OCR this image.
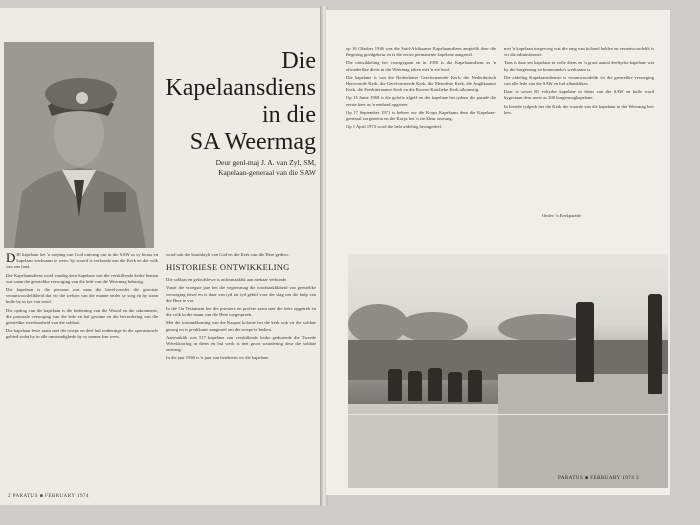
Die
Kapelaansdiens
in die
SA Weermag
Deur genl-maj J. A. van Zyl, SM,
Kapelaan-generaal van die SAW

DIE kapelaan het 'n roeping van God ontvang om in die SAW as sy leraar en kapelaan werksaam te wees. Sy woord is verbonde aan die Kerk en die volk van ons land.

Die Kapelaansdiens word vandag deur kapelane van die verskillende kerke beman wat saam die geestelike versorging van die lede van die Weermag behartig.

Die kapelaan is die persoon wat naas die bevelvoerder die grootste verantwoordelikheid dra vir die welsyn van die manne onder sy sorg en hy staan hulle by in tye van nood.

Die opdrag van die kapelaan is die bediening van die Woord en die sakramente, die pastorale versorging van die lede en hul gesinne en die bevordering van die geestelike weerbaarheid van die soldaat.

Die kapelaan lewe saam met die troepe en deel hul ontberinge in die operasionele gebied sodat hy in alle omstandighede by sy manne kan wees.

word ook die koninkryk van God en die Kerk van die Here gedien.

HISTORIESE ONTWIKKELING

Die soldaat en geloofslewe is onlosmaaklik aan mekaar verbonde.

Vanaf die vroegste jare het die vegtersmag die noodsaaklikheid van geestelike versorging besef en is daar van tyd tot tyd gebid voor die slag om die hulp van die Here te vra.

In die Ou Testament het die priesters en profete saam met die leërs opgetrek en die volk in die naam van die Here toegespreek.

Met die totstandkoming van die Kaapse kolonie het die kerk ook vir die soldate gesorg en is predikante aangestel om die troepe te bedien.

Aanvanklik was 517 kapelane van verskillende kerke gedurende die Tweede Wêreldoorlog in diens en hul werk is met groot waardering deur die soldate ontvang.

In die jaar 1946 is 'n jaar van betekenis vir die kapelane.

2 PARATUS ■ FEBRUARY 1974

op 16 Oktober 1946 was die Suid-Afrikaanse Kapelaansdiens amptelik deur die Regering goedgekeur en is die eerste permanente kapelane aangestel.

Die ontwikkeling het voortgegaan en in 1950 is die Kapelaansdiens as 'n afsonderlike diens in die Weermag erken met 'n eie hoof.

Die kapelane is van die Nederduitse Gereformeerde Kerk, die Nederduitsch Hervormde Kerk, die Gereformeerde Kerk, die Metodiste Kerk, die Anglikaanse Kerk, die Presbiteriaanse Kerk en die Rooms-Katolieke Kerk afkomstig.

Op 13 Junie 1968 is die gelofte afgelê en die kapelane het tydens die parade die eerste keer as 'n eenheid opgetree.

Op 17 September 1971 is beheer oor die Korps Kapelaans deur die Kapelaan-generaal oorgeneem en die Korps het 'n eie kleur ontvang.

Op 1 April 1973 word die hele afdeling heringedeel.

met 'n kapelaan toegevoeg wat die rang van kolonel beklee en verantwoordelik is vir die administrasie.

Tans is daar ses kapelane in volle diens en 'n groot aantal deeltydse kapelane wat by die burgermag en kommando's werksaam is.

Die afdeling Kapelaansdienste is verantwoordelik vir die geestelike versorging van alle lede van die SAW en hul afhanklikes.

Daar is sowat 80 voltydse kapelane in diens van die SAW en hulle word bygestaan deur meer as 300 burgermagkapelane.

In hierdie tydperk het die Kerk die waarde van die kapelaan in die Weermag leer ken.

Onder: 'n Kerkparade
PARATUS ■ FEBRUARY 1974 3
